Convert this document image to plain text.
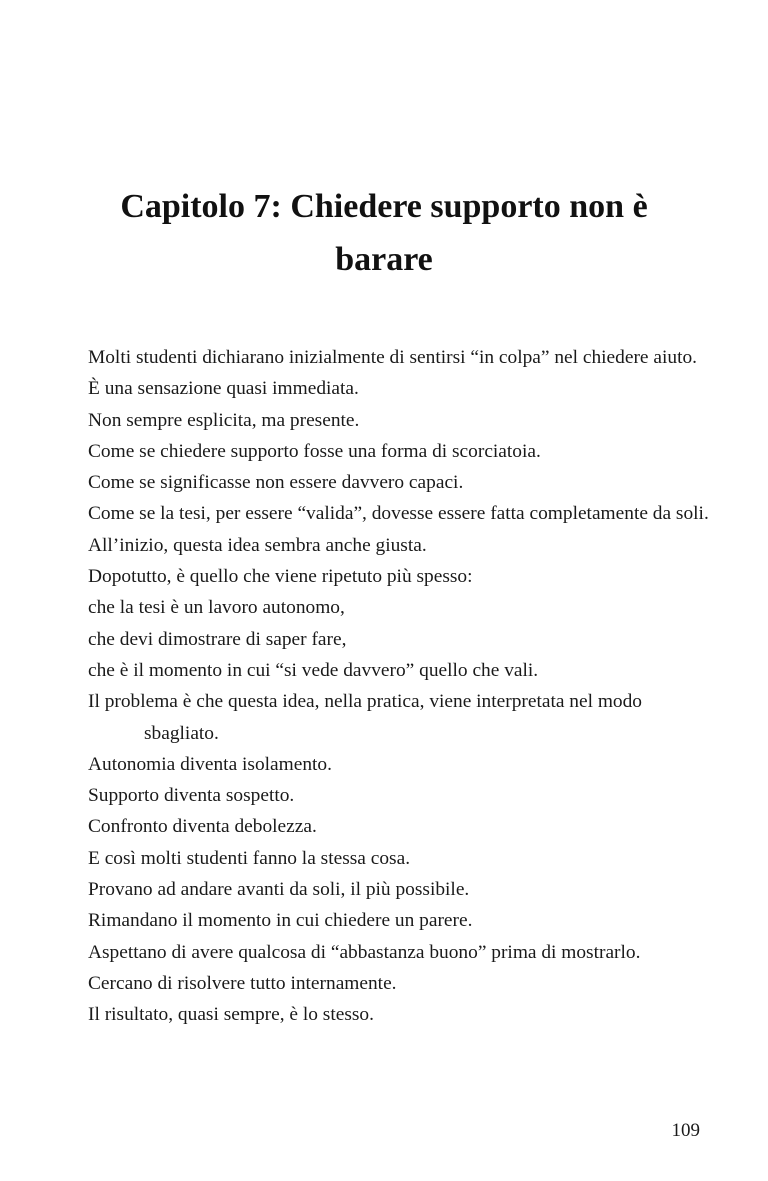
Capitolo 7: Chiedere supporto non è barare

Molti studenti dichiarano inizialmente di sentirsi “in colpa” nel chiedere aiuto.

È una sensazione quasi immediata.

Non sempre esplicita, ma presente.

Come se chiedere supporto fosse una forma di scorciatoia.

Come se significasse non essere davvero capaci.

Come se la tesi, per essere “valida”, dovesse essere fatta completamente da soli.

All’inizio, questa idea sembra anche giusta.

Dopotutto, è quello che viene ripetuto più spesso:

che la tesi è un lavoro autonomo,

che devi dimostrare di saper fare,

che è il momento in cui “si vede davvero” quello che vali.

Il problema è che questa idea, nella pratica, viene interpretata nel modo sbagliato.

Autonomia diventa isolamento.

Supporto diventa sospetto.

Confronto diventa debolezza.

E così molti studenti fanno la stessa cosa.

Provano ad andare avanti da soli, il più possibile.

Rimandano il momento in cui chiedere un parere.

Aspettano di avere qualcosa di “abbastanza buono” prima di mostrarlo.

Cercano di risolvere tutto internamente.

Il risultato, quasi sempre, è lo stesso.

109
